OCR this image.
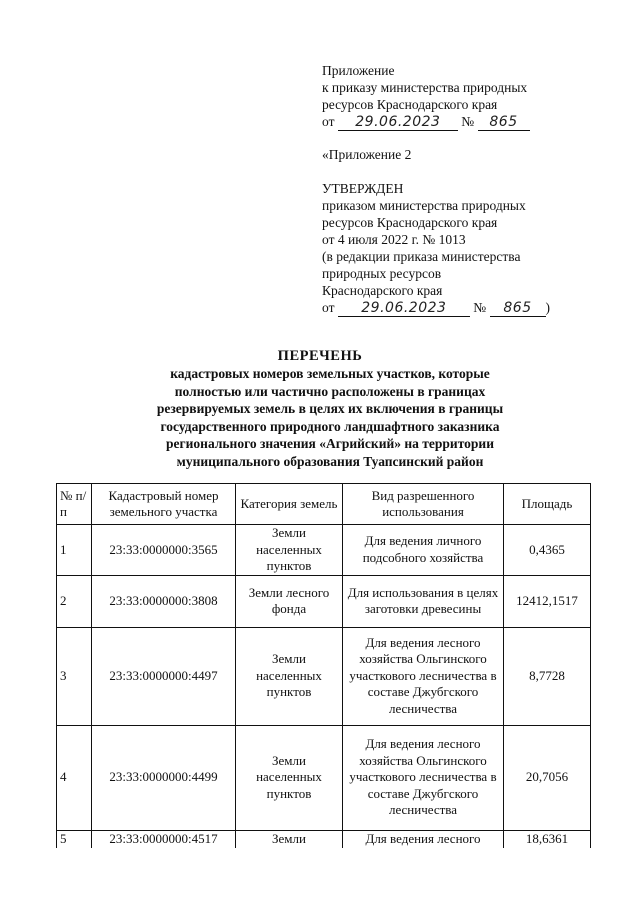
Приложение
к приказу министерства природных
ресурсов Краснодарского края
от 29.06.2023 № 865
«Приложение 2
УТВЕРЖДЕН
приказом министерства природных
ресурсов Краснодарского края
от 4 июля 2022 г. № 1013
(в редакции приказа министерства
природных ресурсов
Краснодарского края
от 29.06.2023 № 865 )
ПЕРЕЧЕНЬ
кадастровых номеров земельных участков, которые
полностью или частично расположены в границах
резервируемых земель в целях их включения в границы
государственного природного ландшафтного заказника
регионального значения «Агрийский» на территории
муниципального образования Туапсинский район
№ п/п	Кадастровый номер земельного участка	Категория земель	Вид разрешенного использования	Площадь
1	23:33:0000000:3565	Земли населенных пунктов	Для ведения личного подсобного хозяйства	0,4365
2	23:33:0000000:3808	Земли лесного фонда	Для использования в целях заготовки древесины	12412,1517
3	23:33:0000000:4497	Земли населенных пунктов	Для ведения лесного хозяйства Ольгинского участкового лесничества в составе Джубгского лесничества	8,7728
4	23:33:0000000:4499	Земли населенных пунктов	Для ведения лесного хозяйства Ольгинского участкового лесничества в составе Джубгского лесничества	20,7056
5	23:33:0000000:4517	Земли	Для ведения лесного	18,6361
